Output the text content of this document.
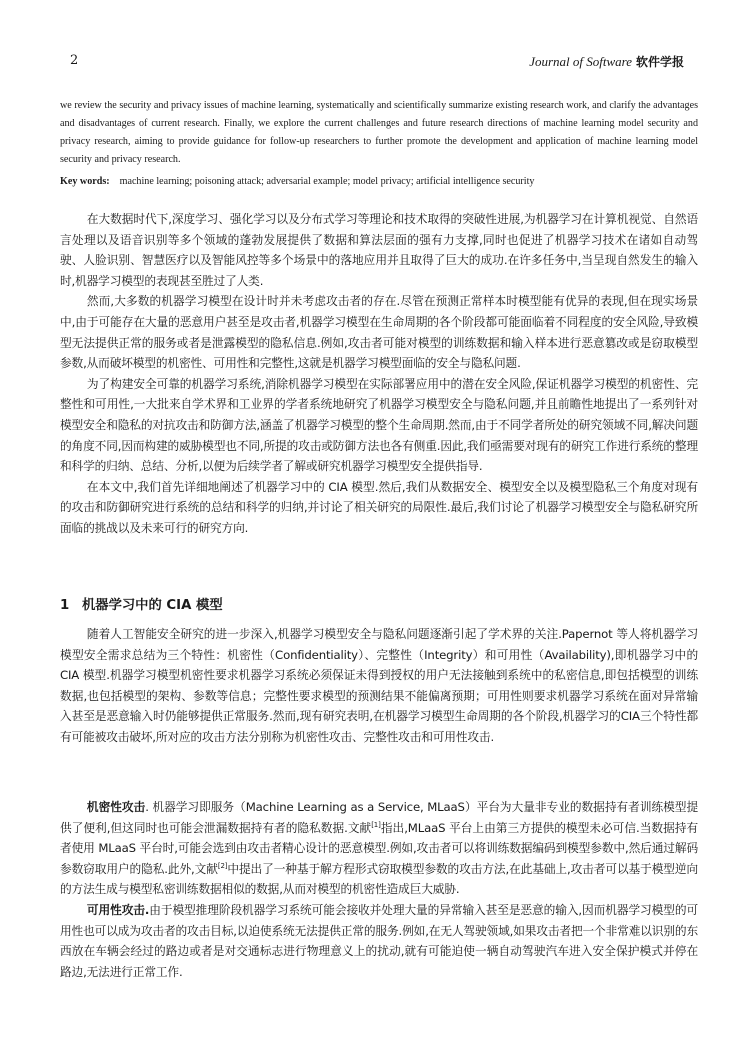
2	Journal of Software 软件学报
we review the security and privacy issues of machine learning, systematically and scientifically summarize existing research work, and clarify the advantages and disadvantages of current research. Finally, we explore the current challenges and future research directions of machine learning model security and privacy research, aiming to provide guidance for follow-up researchers to further promote the development and application of machine learning model security and privacy research.
Key words: machine learning; poisoning attack; adversarial example; model privacy; artificial intelligence security

在大数据时代下,深度学习、强化学习以及分布式学习等理论和技术取得的突破性进展,为机器学习在计算机视觉、自然语言处理以及语音识别等多个领域的蓬勃发展提供了数据和算法层面的强有力支撑,同时也促进了机器学习技术在诸如自动驾驶、人脸识别、智慧医疗以及智能风控等多个场景中的落地应用并且取得了巨大的成功.在许多任务中,当呈现自然发生的输入时,机器学习模型的表现甚至胜过了人类.

然而,大多数的机器学习模型在设计时并未考虑攻击者的存在.尽管在预测正常样本时模型能有优异的表现,但在现实场景中,由于可能存在大量的恶意用户甚至是攻击者,机器学习模型在生命周期的各个阶段都可能面临着不同程度的安全风险,导致模型无法提供正常的服务或者是泄露模型的隐私信息.例如,攻击者可能对模型的训练数据和输入样本进行恶意篡改或是窃取模型参数,从而破坏模型的机密性、可用性和完整性,这就是机器学习模型面临的安全与隐私问题.

为了构建安全可靠的机器学习系统,消除机器学习模型在实际部署应用中的潜在安全风险,保证机器学习模型的机密性、完整性和可用性,一大批来自学术界和工业界的学者系统地研究了机器学习模型安全与隐私问题,并且前瞻性地提出了一系列针对模型安全和隐私的对抗攻击和防御方法,涵盖了机器学习模型的整个生命周期.然而,由于不同学者所处的研究领域不同,解决问题的角度不同,因而构建的威胁模型也不同,所提的攻击或防御方法也各有侧重.因此,我们亟需要对现有的研究工作进行系统的整理和科学的归纳、总结、分析,以便为后续学者了解或研究机器学习模型安全提供指导.

在本文中,我们首先详细地阐述了机器学习中的 CIA 模型.然后,我们从数据安全、模型安全以及模型隐私三个角度对现有的攻击和防御研究进行系统的总结和科学的归纳,并讨论了相关研究的局限性.最后,我们讨论了机器学习模型安全与隐私研究所面临的挑战以及未来可行的研究方向.

1 机器学习中的 CIA 模型

随着人工智能安全研究的进一步深入,机器学习模型安全与隐私问题逐渐引起了学术界的关注.Papernot 等人将机器学习模型安全需求总结为三个特性：机密性（Confidentiality）、完整性（Integrity）和可用性（Availability),即机器学习中的 CIA 模型.机器学习模型机密性要求机器学习系统必须保证未得到授权的用户无法接触到系统中的私密信息,即包括模型的训练数据,也包括模型的架构、参数等信息；完整性要求模型的预测结果不能偏离预期；可用性则要求机器学习系统在面对异常输入甚至是恶意输入时仍能够提供正常服务.然而,现有研究表明,在机器学习模型生命周期的各个阶段,机器学习的CIA三个特性都有可能被攻击破坏,所对应的攻击方法分别称为机密性攻击、完整性攻击和可用性攻击.

机密性攻击. 机器学习即服务（Machine Learning as a Service, MLaaS）平台为大量非专业的数据持有者训练模型提供了便利,但这同时也可能会泄漏数据持有者的隐私数据.文献[1]指出,MLaaS 平台上由第三方提供的模型未必可信.当数据持有者使用 MLaaS 平台时,可能会选到由攻击者精心设计的恶意模型.例如,攻击者可以将训练数据编码到模型参数中,然后通过解码参数窃取用户的隐私.此外,文献[2]中提出了一种基于解方程形式窃取模型参数的攻击方法,在此基础上,攻击者可以基于模型逆向的方法生成与模型私密训练数据相似的数据,从而对模型的机密性造成巨大威胁.

可用性攻击.由于模型推理阶段机器学习系统可能会接收并处理大量的异常输入甚至是恶意的输入,因而机器学习模型的可用性也可以成为攻击者的攻击目标,以迫使系统无法提供正常的服务.例如,在无人驾驶领域,如果攻击者把一个非常难以识别的东西放在车辆会经过的路边或者是对交通标志进行物理意义上的扰动,就有可能迫使一辆自动驾驶汽车进入安全保护模式并停在路边,无法进行正常工作.
